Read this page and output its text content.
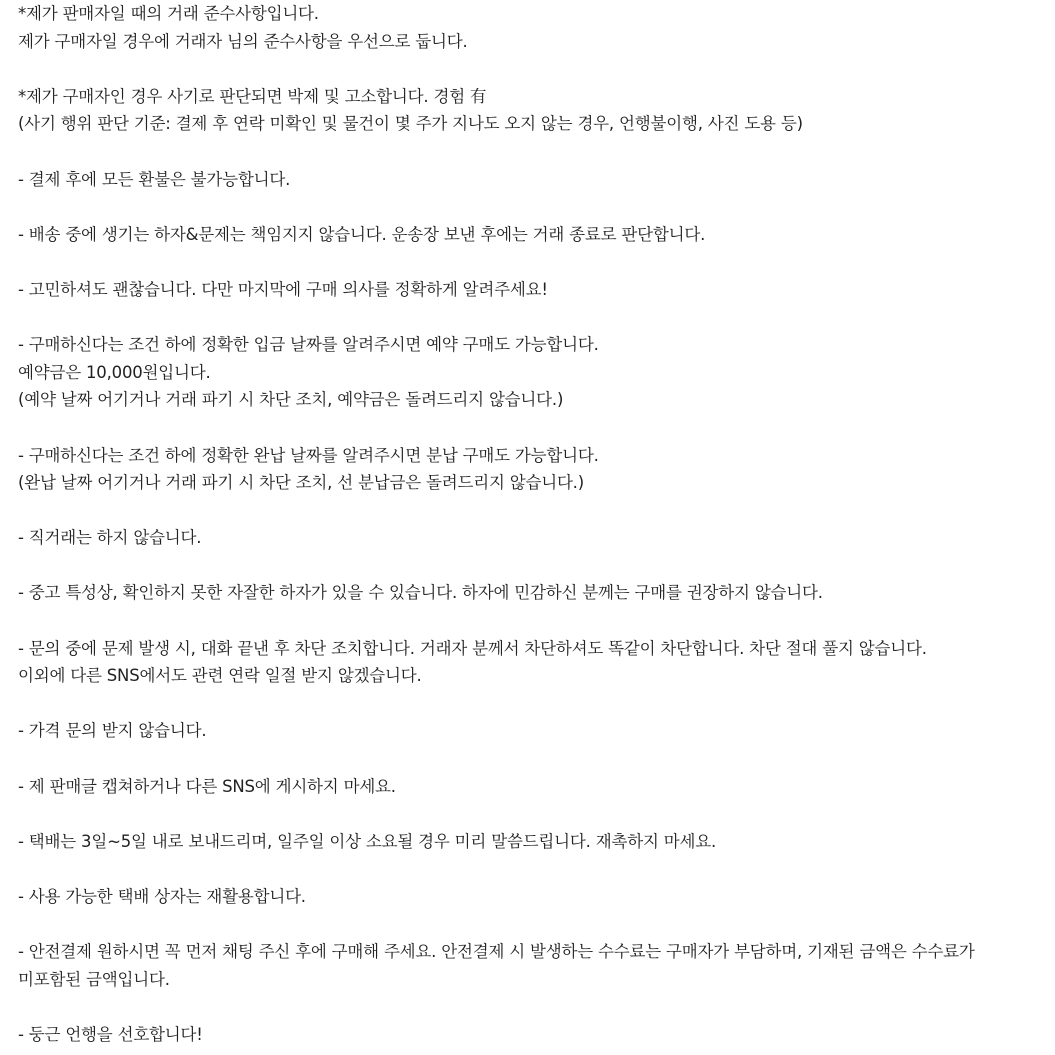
*제가 판매자일 때의 거래 준수사항입니다.
제가 구매자일 경우에 거래자 님의 준수사항을 우선으로 둡니다.
*제가 구매자인 경우 사기로 판단되면 박제 및 고소합니다. 경험 有
(사기 행위 판단 기준: 결제 후 연락 미확인 및 물건이 몇 주가 지나도 오지 않는 경우, 언행불이행, 사진 도용 등)
- 결제 후에 모든 환불은 불가능합니다.
- 배송 중에 생기는 하자&문제는 책임지지 않습니다. 운송장 보낸 후에는 거래 종료로 판단합니다.
- 고민하셔도 괜찮습니다. 다만 마지막에 구매 의사를 정확하게 알려주세요!
- 구매하신다는 조건 하에 정확한 입금 날짜를 알려주시면 예약 구매도 가능합니다.
예약금은 10,000원입니다.
(예약 날짜 어기거나 거래 파기 시 차단 조치, 예약금은 돌려드리지 않습니다.)
- 구매하신다는 조건 하에 정확한 완납 날짜를 알려주시면 분납 구매도 가능합니다.
(완납 날짜 어기거나 거래 파기 시 차단 조치, 선 분납금은 돌려드리지 않습니다.)
- 직거래는 하지 않습니다.
- 중고 특성상, 확인하지 못한 자잘한 하자가 있을 수 있습니다. 하자에 민감하신 분께는 구매를 권장하지 않습니다.
- 문의 중에 문제 발생 시, 대화 끝낸 후 차단 조치합니다. 거래자 분께서 차단하셔도 똑같이 차단합니다. 차단 절대 풀지 않습니다.
이외에 다른 SNS에서도 관련 연락 일절 받지 않겠습니다.
- 가격 문의 받지 않습니다.
- 제 판매글 캡쳐하거나 다른 SNS에 게시하지 마세요.
- 택배는 3일~5일 내로 보내드리며, 일주일 이상 소요될 경우 미리 말씀드립니다. 재촉하지 마세요.
- 사용 가능한 택배 상자는 재활용합니다.
- 안전결제 원하시면 꼭 먼저 채팅 주신 후에 구매해 주세요. 안전결제 시 발생하는 수수료는 구매자가 부담하며, 기재된 금액은 수수료가
미포함된 금액입니다.
- 둥근 언행을 선호합니다!
